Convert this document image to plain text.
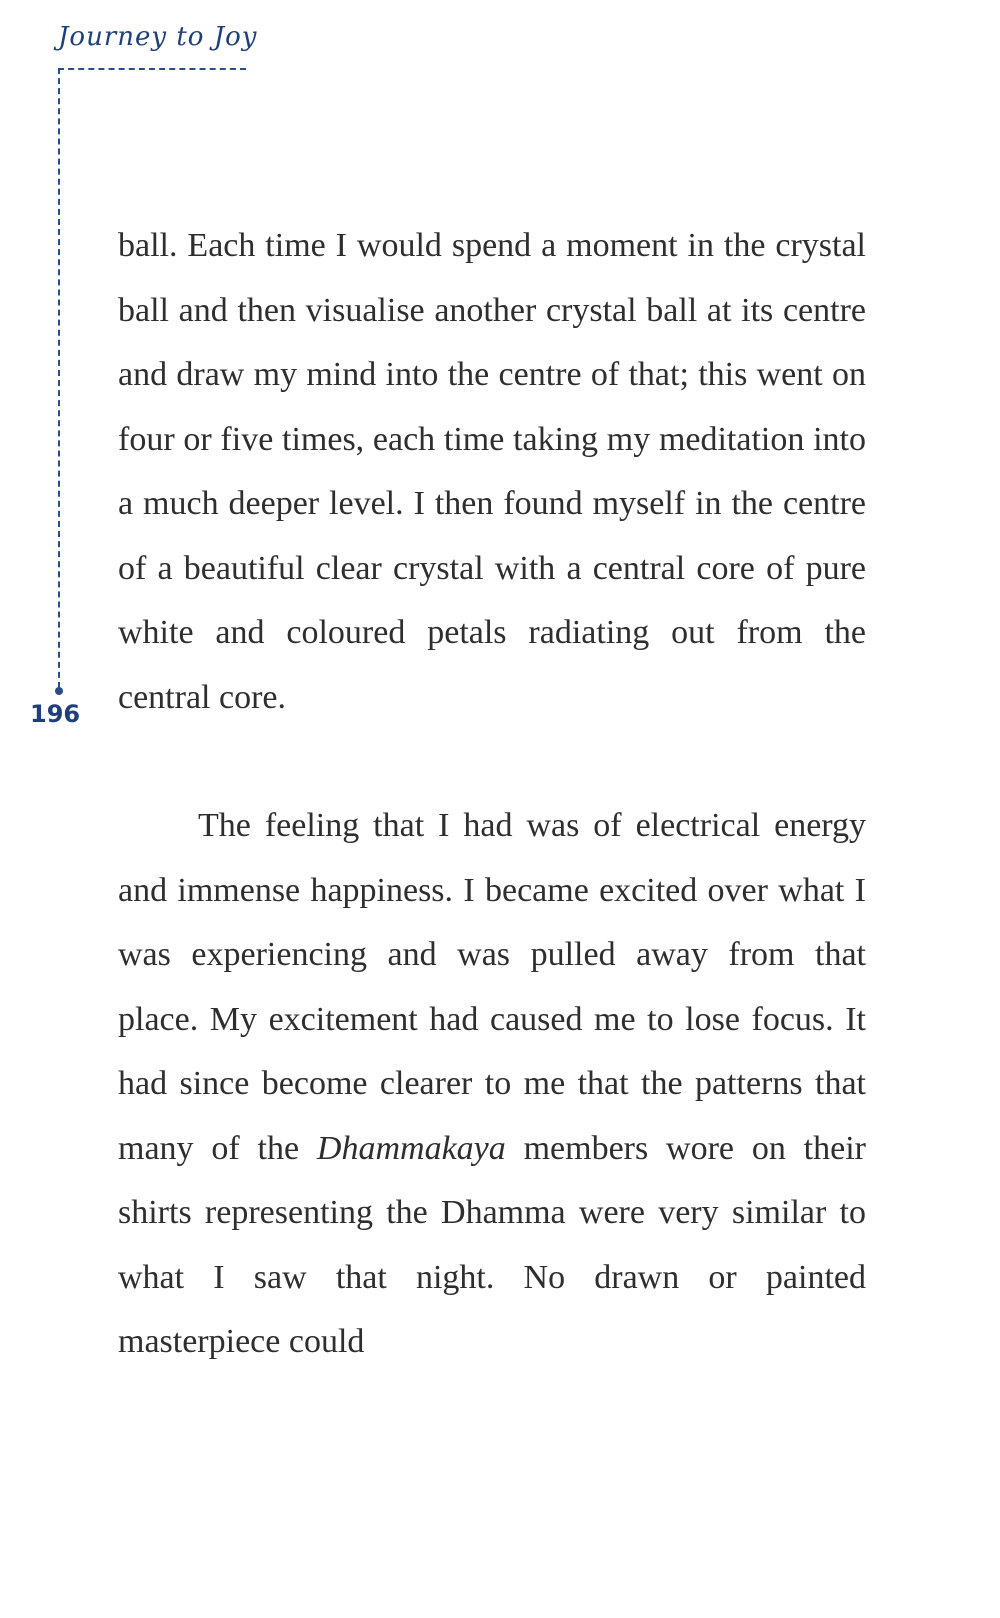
Journey to Joy
196

ball. Each time I would spend a moment in the crystal ball and then visualise another crystal ball at its centre and draw my mind into the centre of that; this went on four or five times, each time taking my meditation into a much deeper level. I then found myself in the centre of a beautiful clear crystal with a central core of pure white and coloured petals radiating out from the central core.

The feeling that I had was of electrical energy and immense happiness. I became excited over what I was experiencing and was pulled away from that place. My excitement had caused me to lose focus. It had since become clearer to me that the patterns that many of the Dhammakaya members wore on their shirts representing the Dhamma were very similar to what I saw that night. No drawn or painted masterpiece could
